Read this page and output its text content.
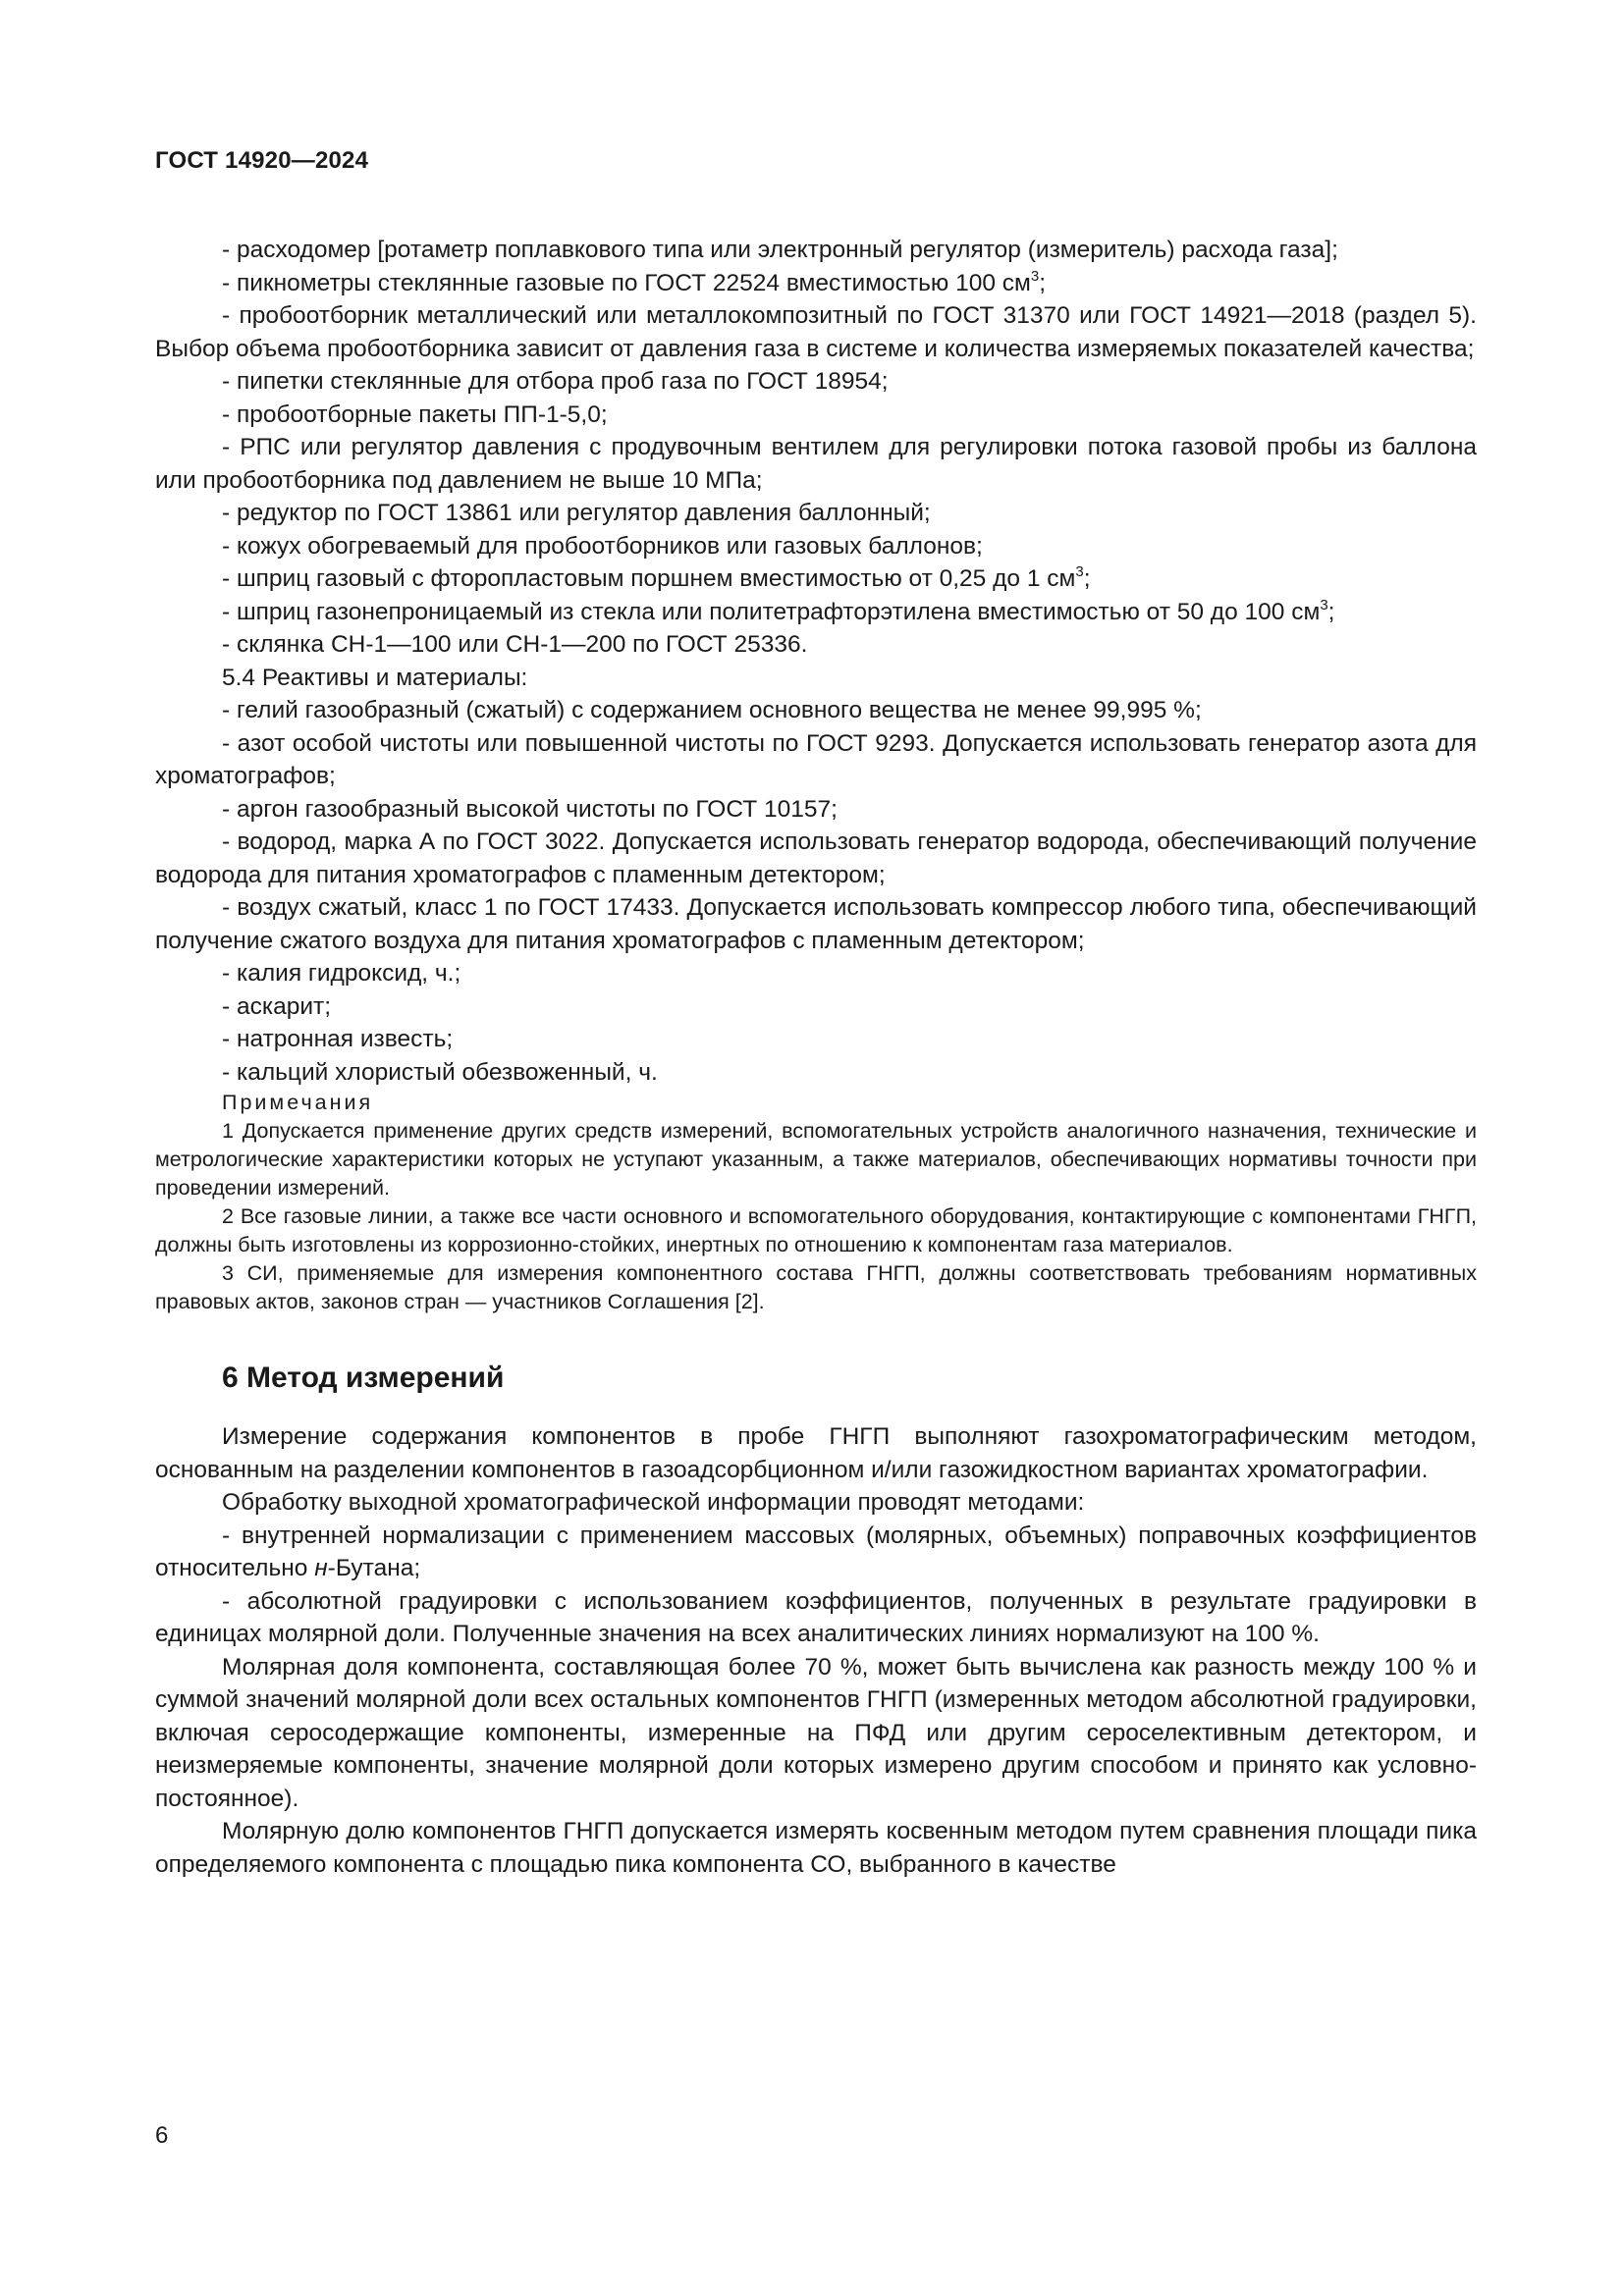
ГОСТ 14920—2024

- расходомер [ротаметр поплавкового типа или электронный регулятор (измеритель) расхода газа];

- пикнометры стеклянные газовые по ГОСТ 22524 вместимостью 100 $см^3$;

- пробоотборник металлический или металлокомпозитный по ГОСТ 31370 или ГОСТ 14921—2018 (раздел 5). Выбор объема пробоотборника зависит от давления газа в системе и количества измеряемых показателей качества;

- пипетки стеклянные для отбора проб газа по ГОСТ 18954;

- пробоотборные пакеты ПП-1-5,0;

- РПС или регулятор давления с продувочным вентилем для регулировки потока газовой пробы из баллона или пробоотборника под давлением не выше 10 МПа;

- редуктор по ГОСТ 13861 или регулятор давления баллонный;

- кожух обогреваемый для пробоотборников или газовых баллонов;

- шприц газовый с фторопластовым поршнем вместимостью от 0,25 до 1 $см^3$;

- шприц газонепроницаемый из стекла или политетрафторэтилена вместимостью от 50 до 100 $см^3$;

- склянка СН-1—100 или СН-1—200 по ГОСТ 25336.

5.4 Реактивы и материалы:

- гелий газообразный (сжатый) с содержанием основного вещества не менее 99,995 %;

- азот особой чистоты или повышенной чистоты по ГОСТ 9293. Допускается использовать генератор азота для хроматографов;

- аргон газообразный высокой чистоты по ГОСТ 10157;

- водород, марка А по ГОСТ 3022. Допускается использовать генератор водорода, обеспечивающий получение водорода для питания хроматографов с пламенным детектором;

- воздух сжатый, класс 1 по ГОСТ 17433. Допускается использовать компрессор любого типа, обеспечивающий получение сжатого воздуха для питания хроматографов с пламенным детектором;

- калия гидроксид, ч.;

- аскарит;

- натронная известь;

- кальций хлористый обезвоженный, ч.

Примечания

1 Допускается применение других средств измерений, вспомогательных устройств аналогичного назначения, технические и метрологические характеристики которых не уступают указанным, а также материалов, обеспечивающих нормативы точности при проведении измерений.

2 Все газовые линии, а также все части основного и вспомогательного оборудования, контактирующие с компонентами ГНГП, должны быть изготовлены из коррозионно-стойких, инертных по отношению к компонентам газа материалов.

3 СИ, применяемые для измерения компонентного состава ГНГП, должны соответствовать требованиям нормативных правовых актов, законов стран — участников Соглашения [2].

6 Метод измерений

Измерение содержания компонентов в пробе ГНГП выполняют газохроматографическим методом, основанным на разделении компонентов в газоадсорбционном и/или газожидкостном вариантах хроматографии.

Обработку выходной хроматографической информации проводят методами:

- внутренней нормализации с применением массовых (молярных, объемных) поправочных коэффициентов относительно н-Бутана;

- абсолютной градуировки с использованием коэффициентов, полученных в результате градуировки в единицах молярной доли. Полученные значения на всех аналитических линиях нормализуют на 100 %.

Молярная доля компонента, составляющая более 70 %, может быть вычислена как разность между 100 % и суммой значений молярной доли всех остальных компонентов ГНГП (измеренных методом абсолютной градуировки, включая серосодержащие компоненты, измеренные на ПФД или другим сероселективным детектором, и неизмеряемые компоненты, значение молярной доли которых измерено другим способом и принято как условно-постоянное).

Молярную долю компонентов ГНГП допускается измерять косвенным методом путем сравнения площади пика определяемого компонента с площадью пика компонента СО, выбранного в качестве

6
